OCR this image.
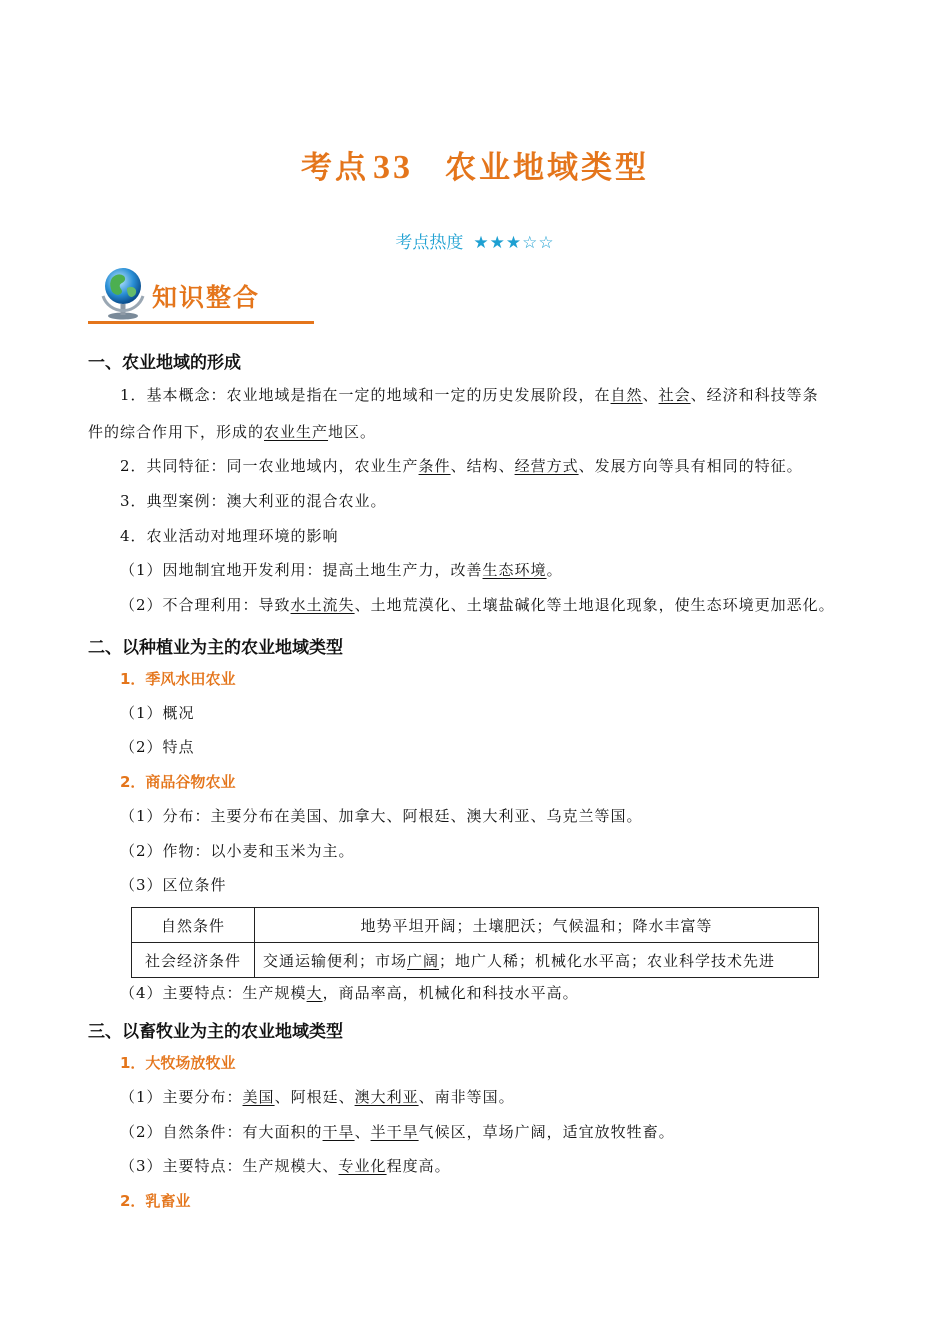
考点 33 农业地域类型
考点热度 ★★★☆☆
知识整合
一、农业地域的形成
1．基本概念：农业地域是指在一定的地域和一定的历史发展阶段，在自然、社会、经济和科技等条
件的综合作用下，形成的农业生产地区。
2．共同特征：同一农业地域内，农业生产条件、结构、经营方式、发展方向等具有相同的特征。
3．典型案例：澳大利亚的混合农业。
4．农业活动对地理环境的影响
（1）因地制宜地开发利用：提高土地生产力，改善生态环境。
（2）不合理利用：导致水土流失、土地荒漠化、土壤盐碱化等土地退化现象，使生态环境更加恶化。
二、以种植业为主的农业地域类型
1．季风水田农业
（1）概况
（2）特点
2．商品谷物农业
（1）分布：主要分布在美国、加拿大、阿根廷、澳大利亚、乌克兰等国。
（2）作物：以小麦和玉米为主。
（3）区位条件
自然条件	地势平坦开阔；土壤肥沃；气候温和；降水丰富等
社会经济条件	交通运输便利；市场广阔；地广人稀；机械化水平高；农业科学技术先进
（4）主要特点：生产规模大，商品率高，机械化和科技水平高。
三、以畜牧业为主的农业地域类型
1．大牧场放牧业
（1）主要分布：美国、阿根廷、澳大利亚、南非等国。
（2）自然条件：有大面积的干旱、半干旱气候区，草场广阔，适宜放牧牲畜。
（3）主要特点：生产规模大、专业化程度高。
2．乳畜业
